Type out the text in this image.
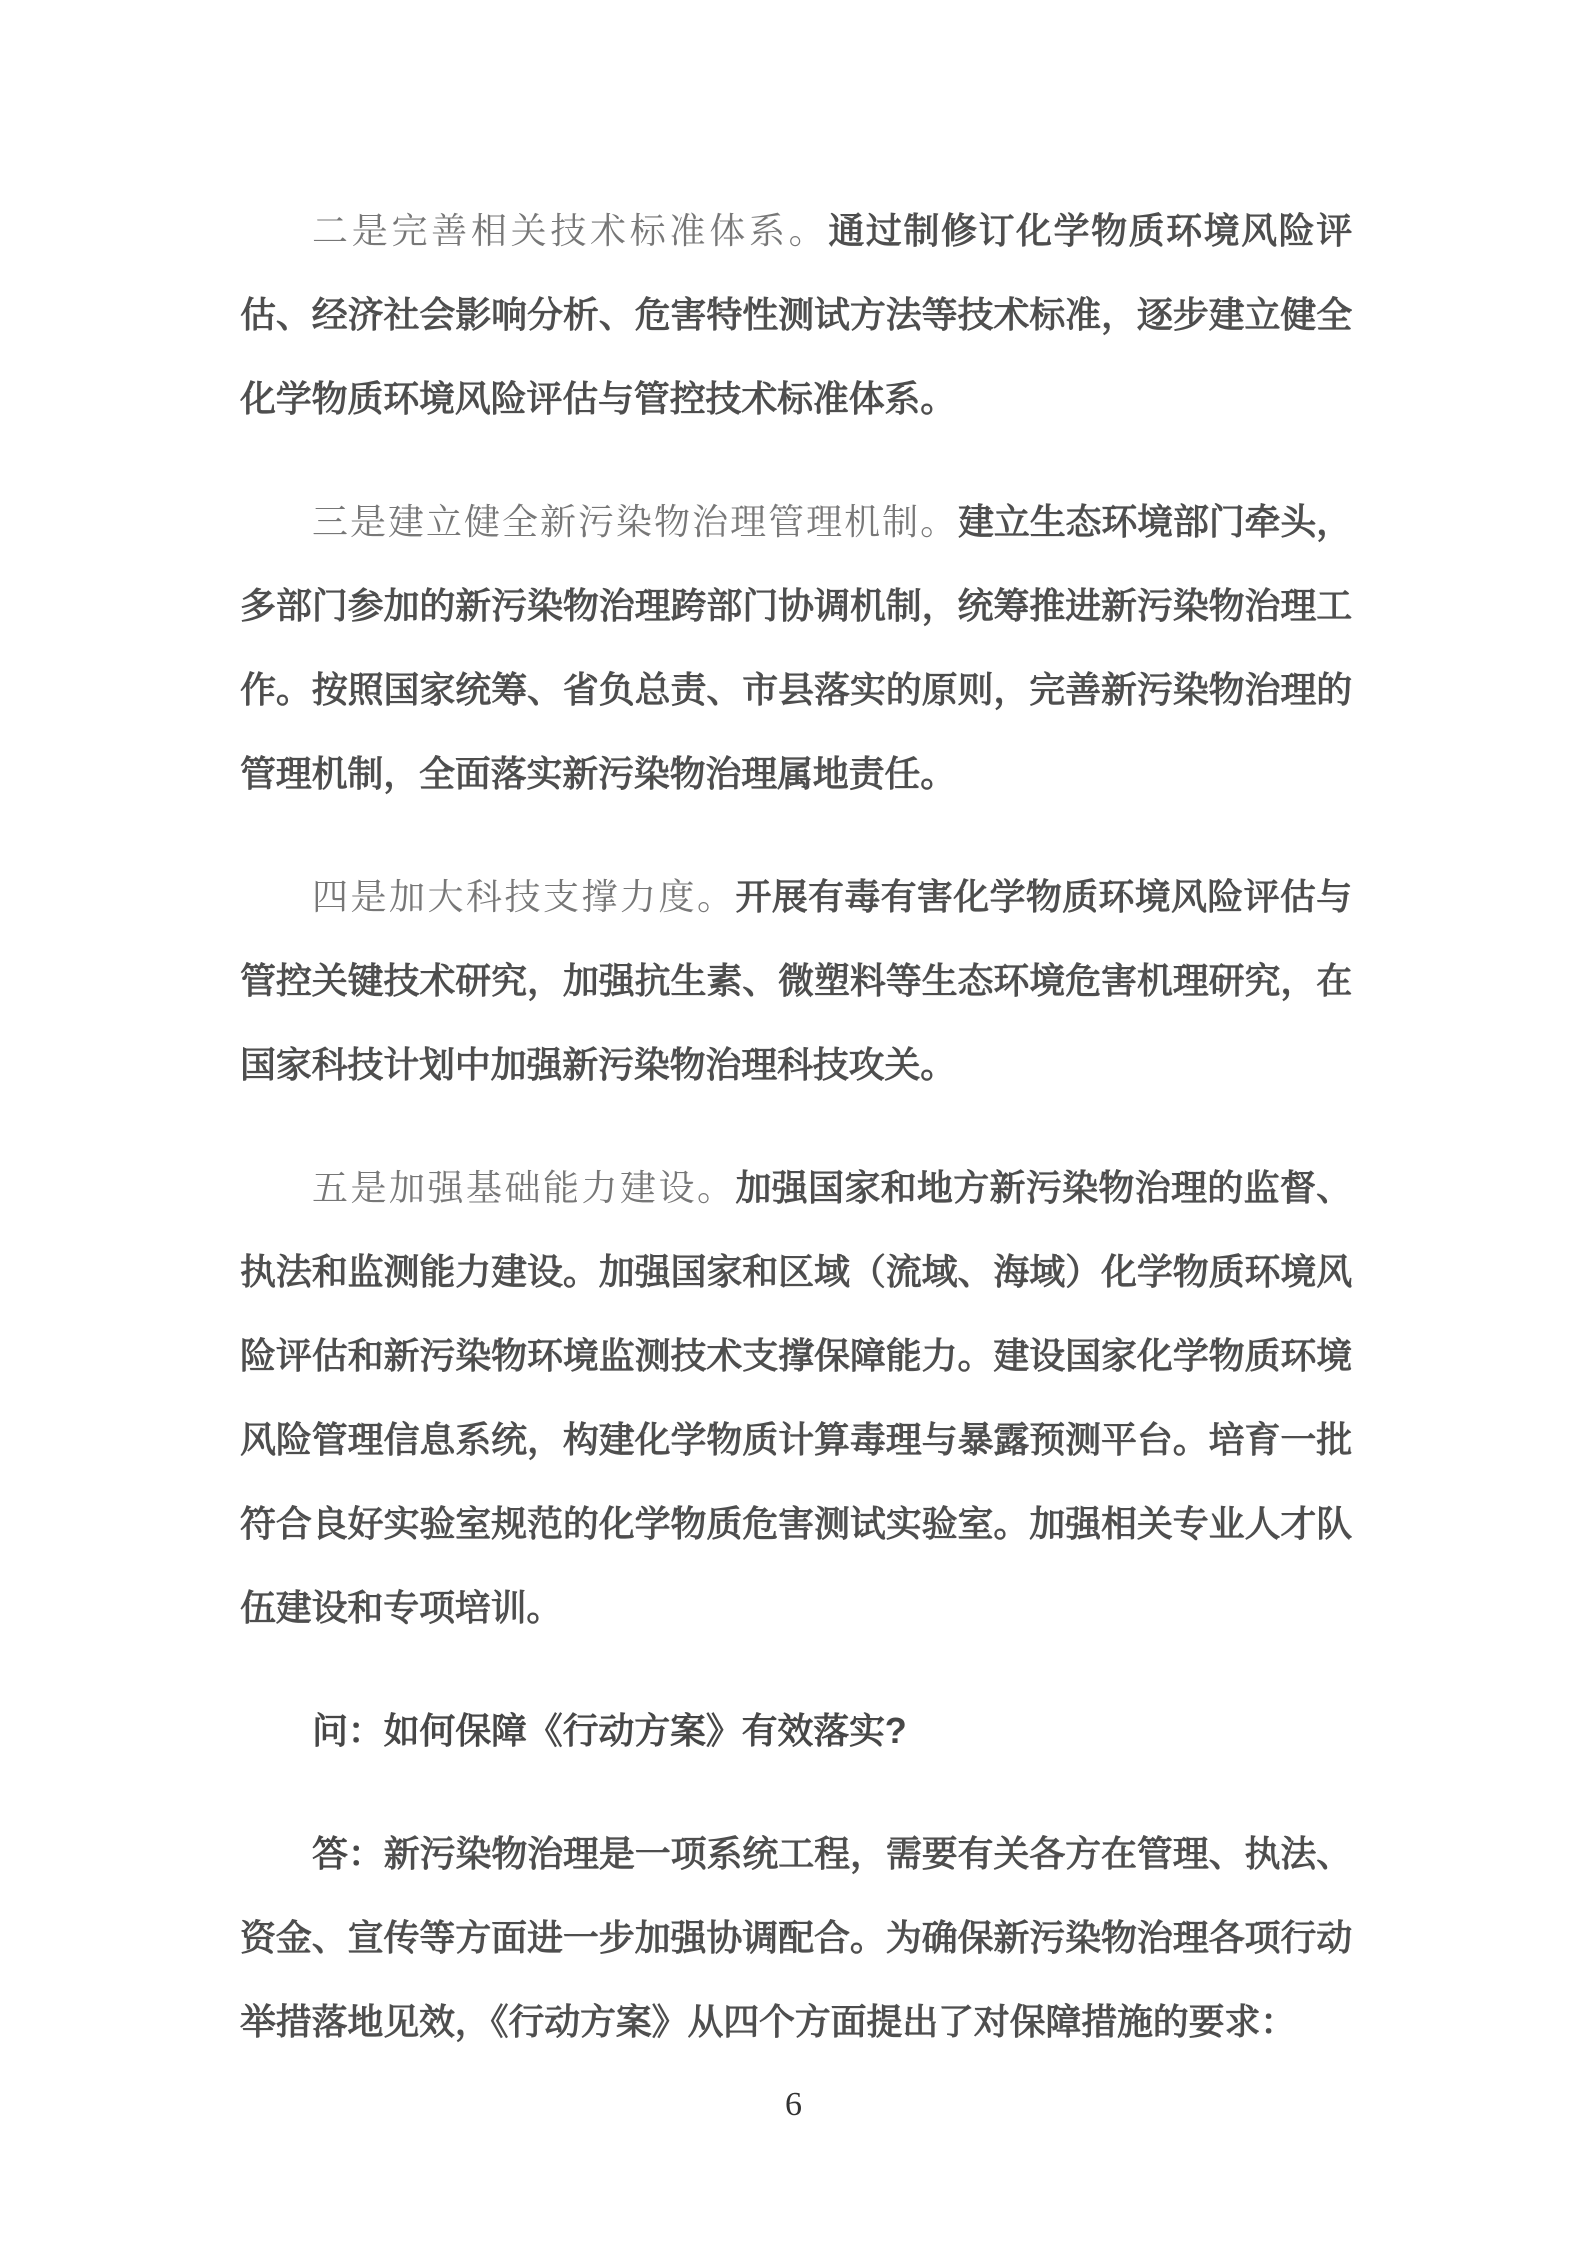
二是完善相关技术标准体系。通过制修订化学物质环境风险评估、经济社会影响分析、危害特性测试方法等技术标准，逐步建立健全化学物质环境风险评估与管控技术标准体系。

三是建立健全新污染物治理管理机制。建立生态环境部门牵头，多部门参加的新污染物治理跨部门协调机制，统筹推进新污染物治理工作。按照国家统筹、省负总责、市县落实的原则，完善新污染物治理的管理机制，全面落实新污染物治理属地责任。

四是加大科技支撑力度。开展有毒有害化学物质环境风险评估与管控关键技术研究，加强抗生素、微塑料等生态环境危害机理研究，在国家科技计划中加强新污染物治理科技攻关。

五是加强基础能力建设。加强国家和地方新污染物治理的监督、执法和监测能力建设。加强国家和区域（流域、海域）化学物质环境风险评估和新污染物环境监测技术支撑保障能力。建设国家化学物质环境风险管理信息系统，构建化学物质计算毒理与暴露预测平台。培育一批符合良好实验室规范的化学物质危害测试实验室。加强相关专业人才队伍建设和专项培训。

问：如何保障《行动方案》有效落实?

答：新污染物治理是一项系统工程，需要有关各方在管理、执法、资金、宣传等方面进一步加强协调配合。为确保新污染物治理各项行动举措落地见效，《行动方案》从四个方面提出了对保障措施的要求：

6
